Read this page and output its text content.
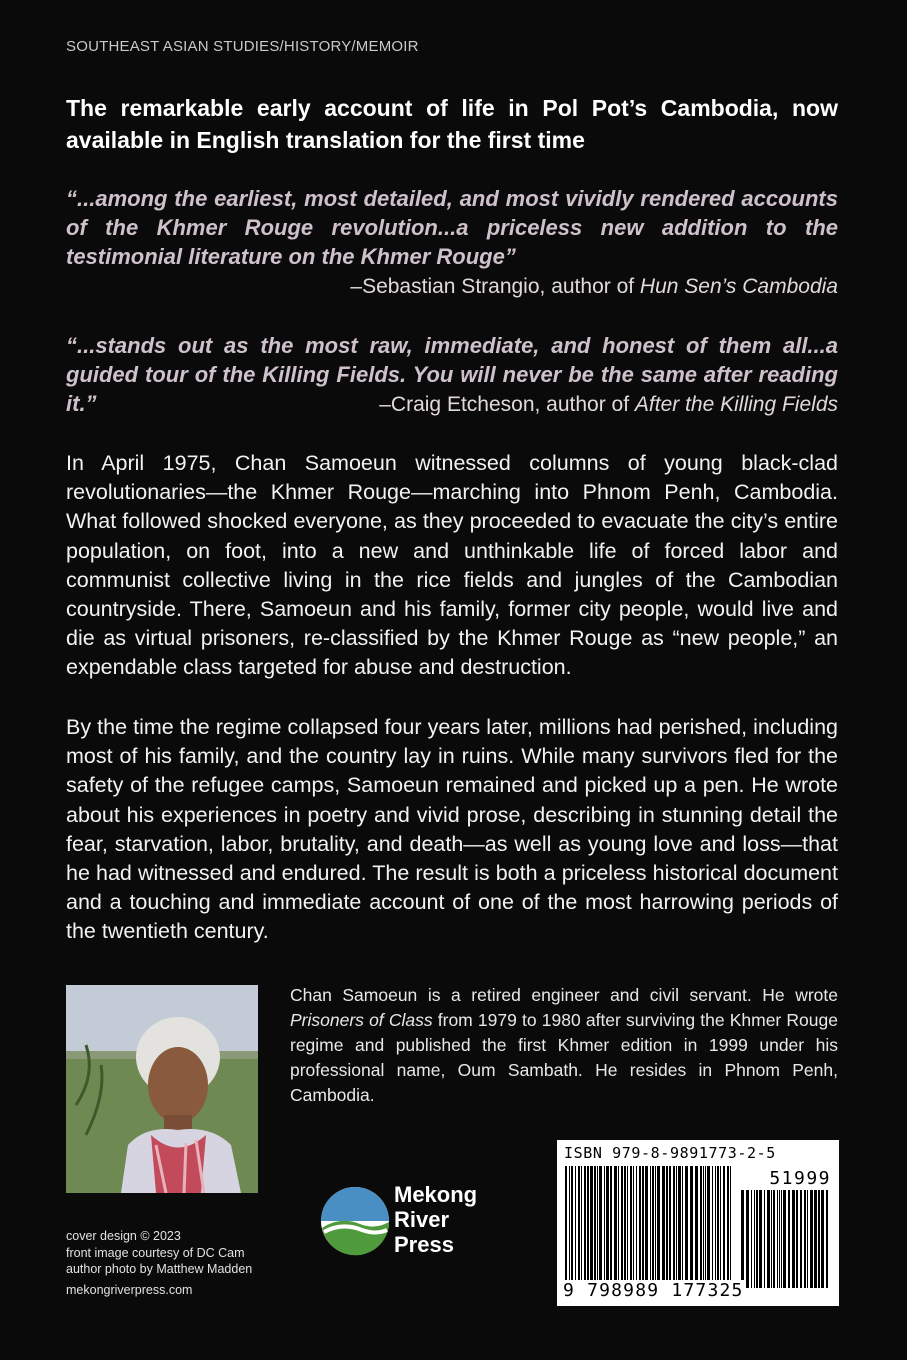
SOUTHEAST ASIAN STUDIES/HISTORY/MEMOIR
The remarkable early account of life in Pol Pot’s Cambodia, now available in English translation for the first time
“...among the earliest, most detailed, and most vividly rendered accounts of the Khmer Rouge revolution...a priceless new addition to the testimonial literature on the Khmer Rouge”
–Sebastian Strangio, author of Hun Sen’s Cambodia
“...stands out as the most raw, immediate, and honest of them all...a guided tour of the Killing Fields. You will never be the same after reading it.”	–Craig Etcheson, author of After the Killing Fields
In April 1975, Chan Samoeun witnessed columns of young black-clad revolutionaries—the Khmer Rouge—marching into Phnom Penh, Cambodia. What followed shocked everyone, as they proceeded to evacuate the city’s entire population, on foot, into a new and unthinkable life of forced labor and communist collective living in the rice fields and jungles of the Cambodian countryside. There, Samoeun and his family, former city people, would live and die as virtual prisoners, re-classified by the Khmer Rouge as “new people,” an expendable class targeted for abuse and destruction.
By the time the regime collapsed four years later, millions had perished, including most of his family, and the country lay in ruins. While many survivors fled for the safety of the refugee camps, Samoeun remained and picked up a pen. He wrote about his experiences in poetry and vivid prose, describing in stunning detail the fear, starvation, labor, brutality, and death—as well as young love and loss—that he had witnessed and endured. The result is both a priceless historical document and a touching and immediate account of one of the most harrowing periods of the twentieth century.
Chan Samoeun is a retired engineer and civil servant. He wrote Prisoners of Class from 1979 to 1980 after surviving the Khmer Rouge regime and published the first Khmer edition in 1999 under his professional name, Oum Sambath. He resides in Phnom Penh, Cambodia.
cover design © 2023
front image courtesy of DC Cam
author photo by Matthew Madden
mekongriverpress.com
Mekong
River
Press
ISBN 979-8-9891773-2-5
51999
9 798989 177325
